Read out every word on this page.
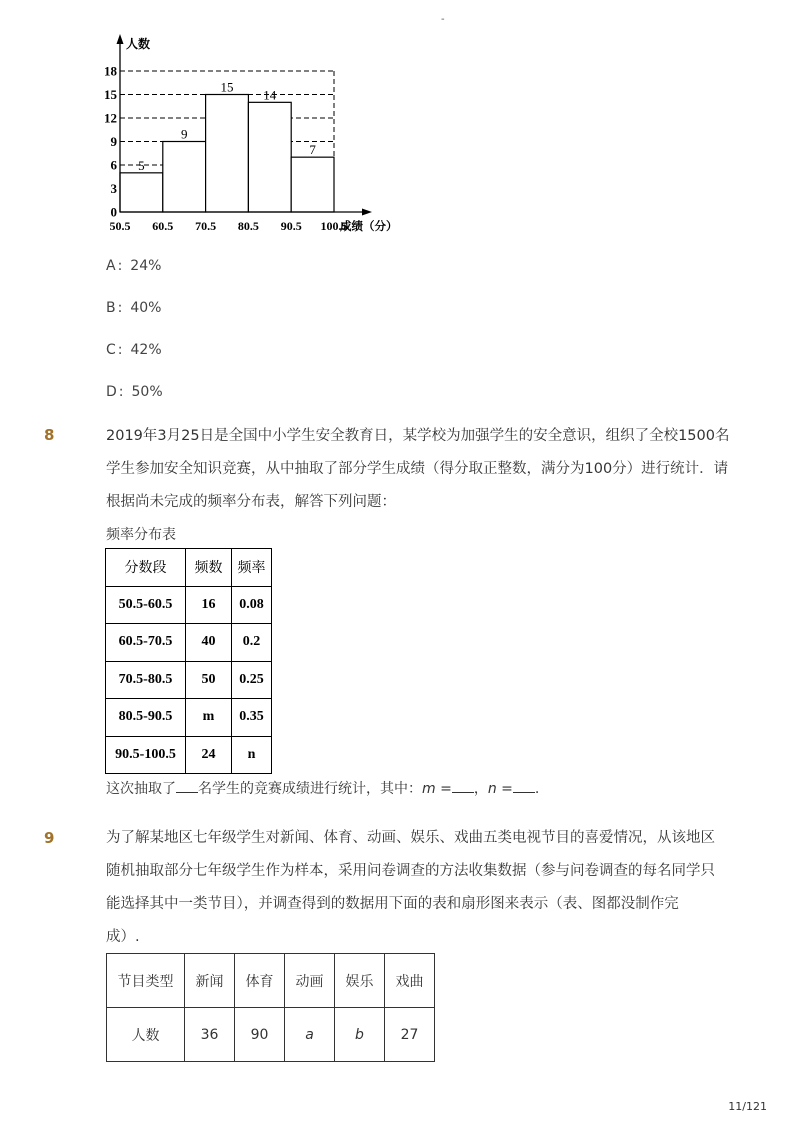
-
5
9
15
14
7
0
3
6
9
12
15
18
50.5 60.5 70.5 80.5 90.5 100.5
人数
成绩（分）
A : 24%
B : 40%
C : 42%
D : 50%
8	2019年3月25日是全国中小学生安全教育日，某学校为加强学生的安全意识，组织了全校1500名
学生参加安全知识竞赛，从中抽取了部分学生成绩（得分取正整数，满分为100分）进行统计．请
根据尚未完成的频率分布表，解答下列问题：
频率分布表
分数段	频数	频率
50.5-60.5	16	0.08
60.5-70.5	40	0.2
70.5-80.5	50	0.25
80.5-90.5	m	0.35
90.5-100.5	24	n
这次抽取了 名学生的竞赛成绩进行统计，其中：m = ，n = .
9	为了解某地区七年级学生对新闻、体育、动画、娱乐、戏曲五类电视节目的喜爱情况，从该地区
随机抽取部分七年级学生作为样本，采用问卷调查的方法收集数据（参与问卷调查的每名同学只
能选择其中一类节目），并调查得到的数据用下面的表和扇形图来表示（表、图都没制作完
成）.
节目类型	新闻	体育	动画	娱乐	戏曲
人数	36	90	a	b	27
11/121
